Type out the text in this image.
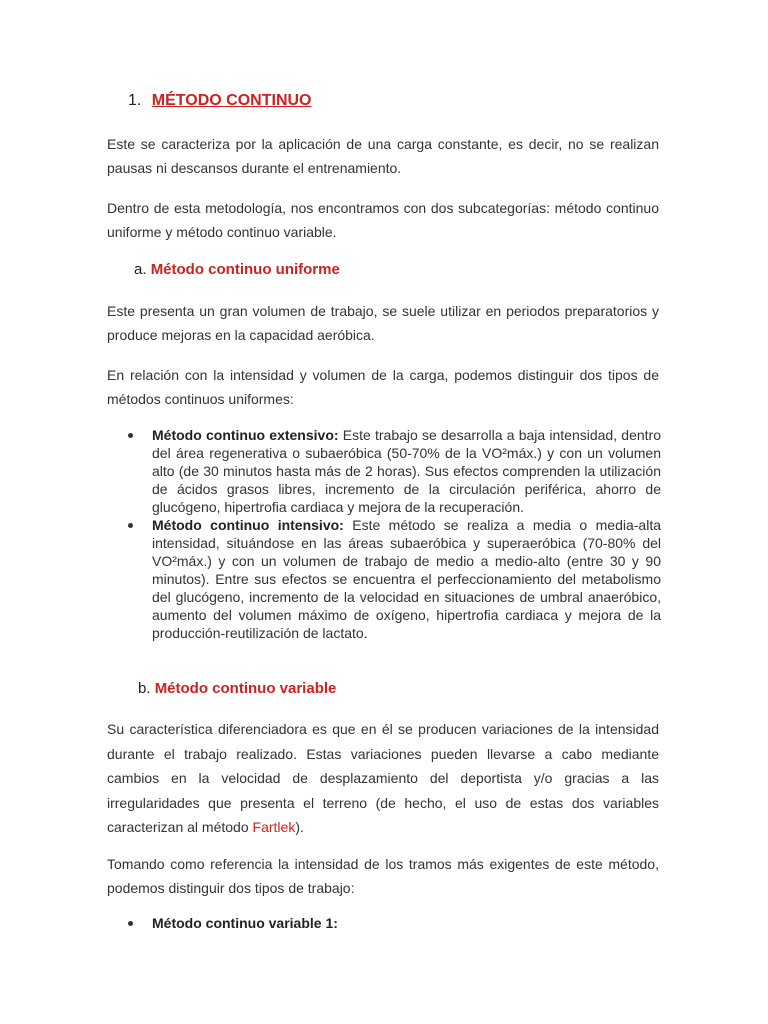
1. MÉTODO CONTINUO

Este se caracteriza por la aplicación de una carga constante, es decir, no se realizan pausas ni descansos durante el entrenamiento.

Dentro de esta metodología, nos encontramos con dos subcategorías: método continuo uniforme y método continuo variable.

a. Método continuo uniforme

Este presenta un gran volumen de trabajo, se suele utilizar en periodos preparatorios y produce mejoras en la capacidad aeróbica.

En relación con la intensidad y volumen de la carga, podemos distinguir dos tipos de métodos continuos uniformes:

Método continuo extensivo: Este trabajo se desarrolla a baja intensidad, dentro del área regenerativa o subaeróbica (50-70% de la VO²máx.) y con un volumen alto (de 30 minutos hasta más de 2 horas). Sus efectos comprenden la utilización de ácidos grasos libres, incremento de la circulación periférica, ahorro de glucógeno, hipertrofia cardiaca y mejora de la recuperación.
Método continuo intensivo: Este método se realiza a media o media-alta intensidad, situándose en las áreas subaeróbica y superaeróbica (70-80% del VO²máx.) y con un volumen de trabajo de medio a medio-alto (entre 30 y 90 minutos). Entre sus efectos se encuentra el perfeccionamiento del metabolismo del glucógeno, incremento de la velocidad en situaciones de umbral anaeróbico, aumento del volumen máximo de oxígeno, hipertrofia cardiaca y mejora de la producción-reutilización de lactato.
b. Método continuo variable

Su característica diferenciadora es que en él se producen variaciones de la intensidad durante el trabajo realizado. Estas variaciones pueden llevarse a cabo mediante cambios en la velocidad de desplazamiento del deportista y/o gracias a las irregularidades que presenta el terreno (de hecho, el uso de estas dos variables caracterizan al método Fartlek).

Tomando como referencia la intensidad de los tramos más exigentes de este método, podemos distinguir dos tipos de trabajo:

Método continuo variable 1:
